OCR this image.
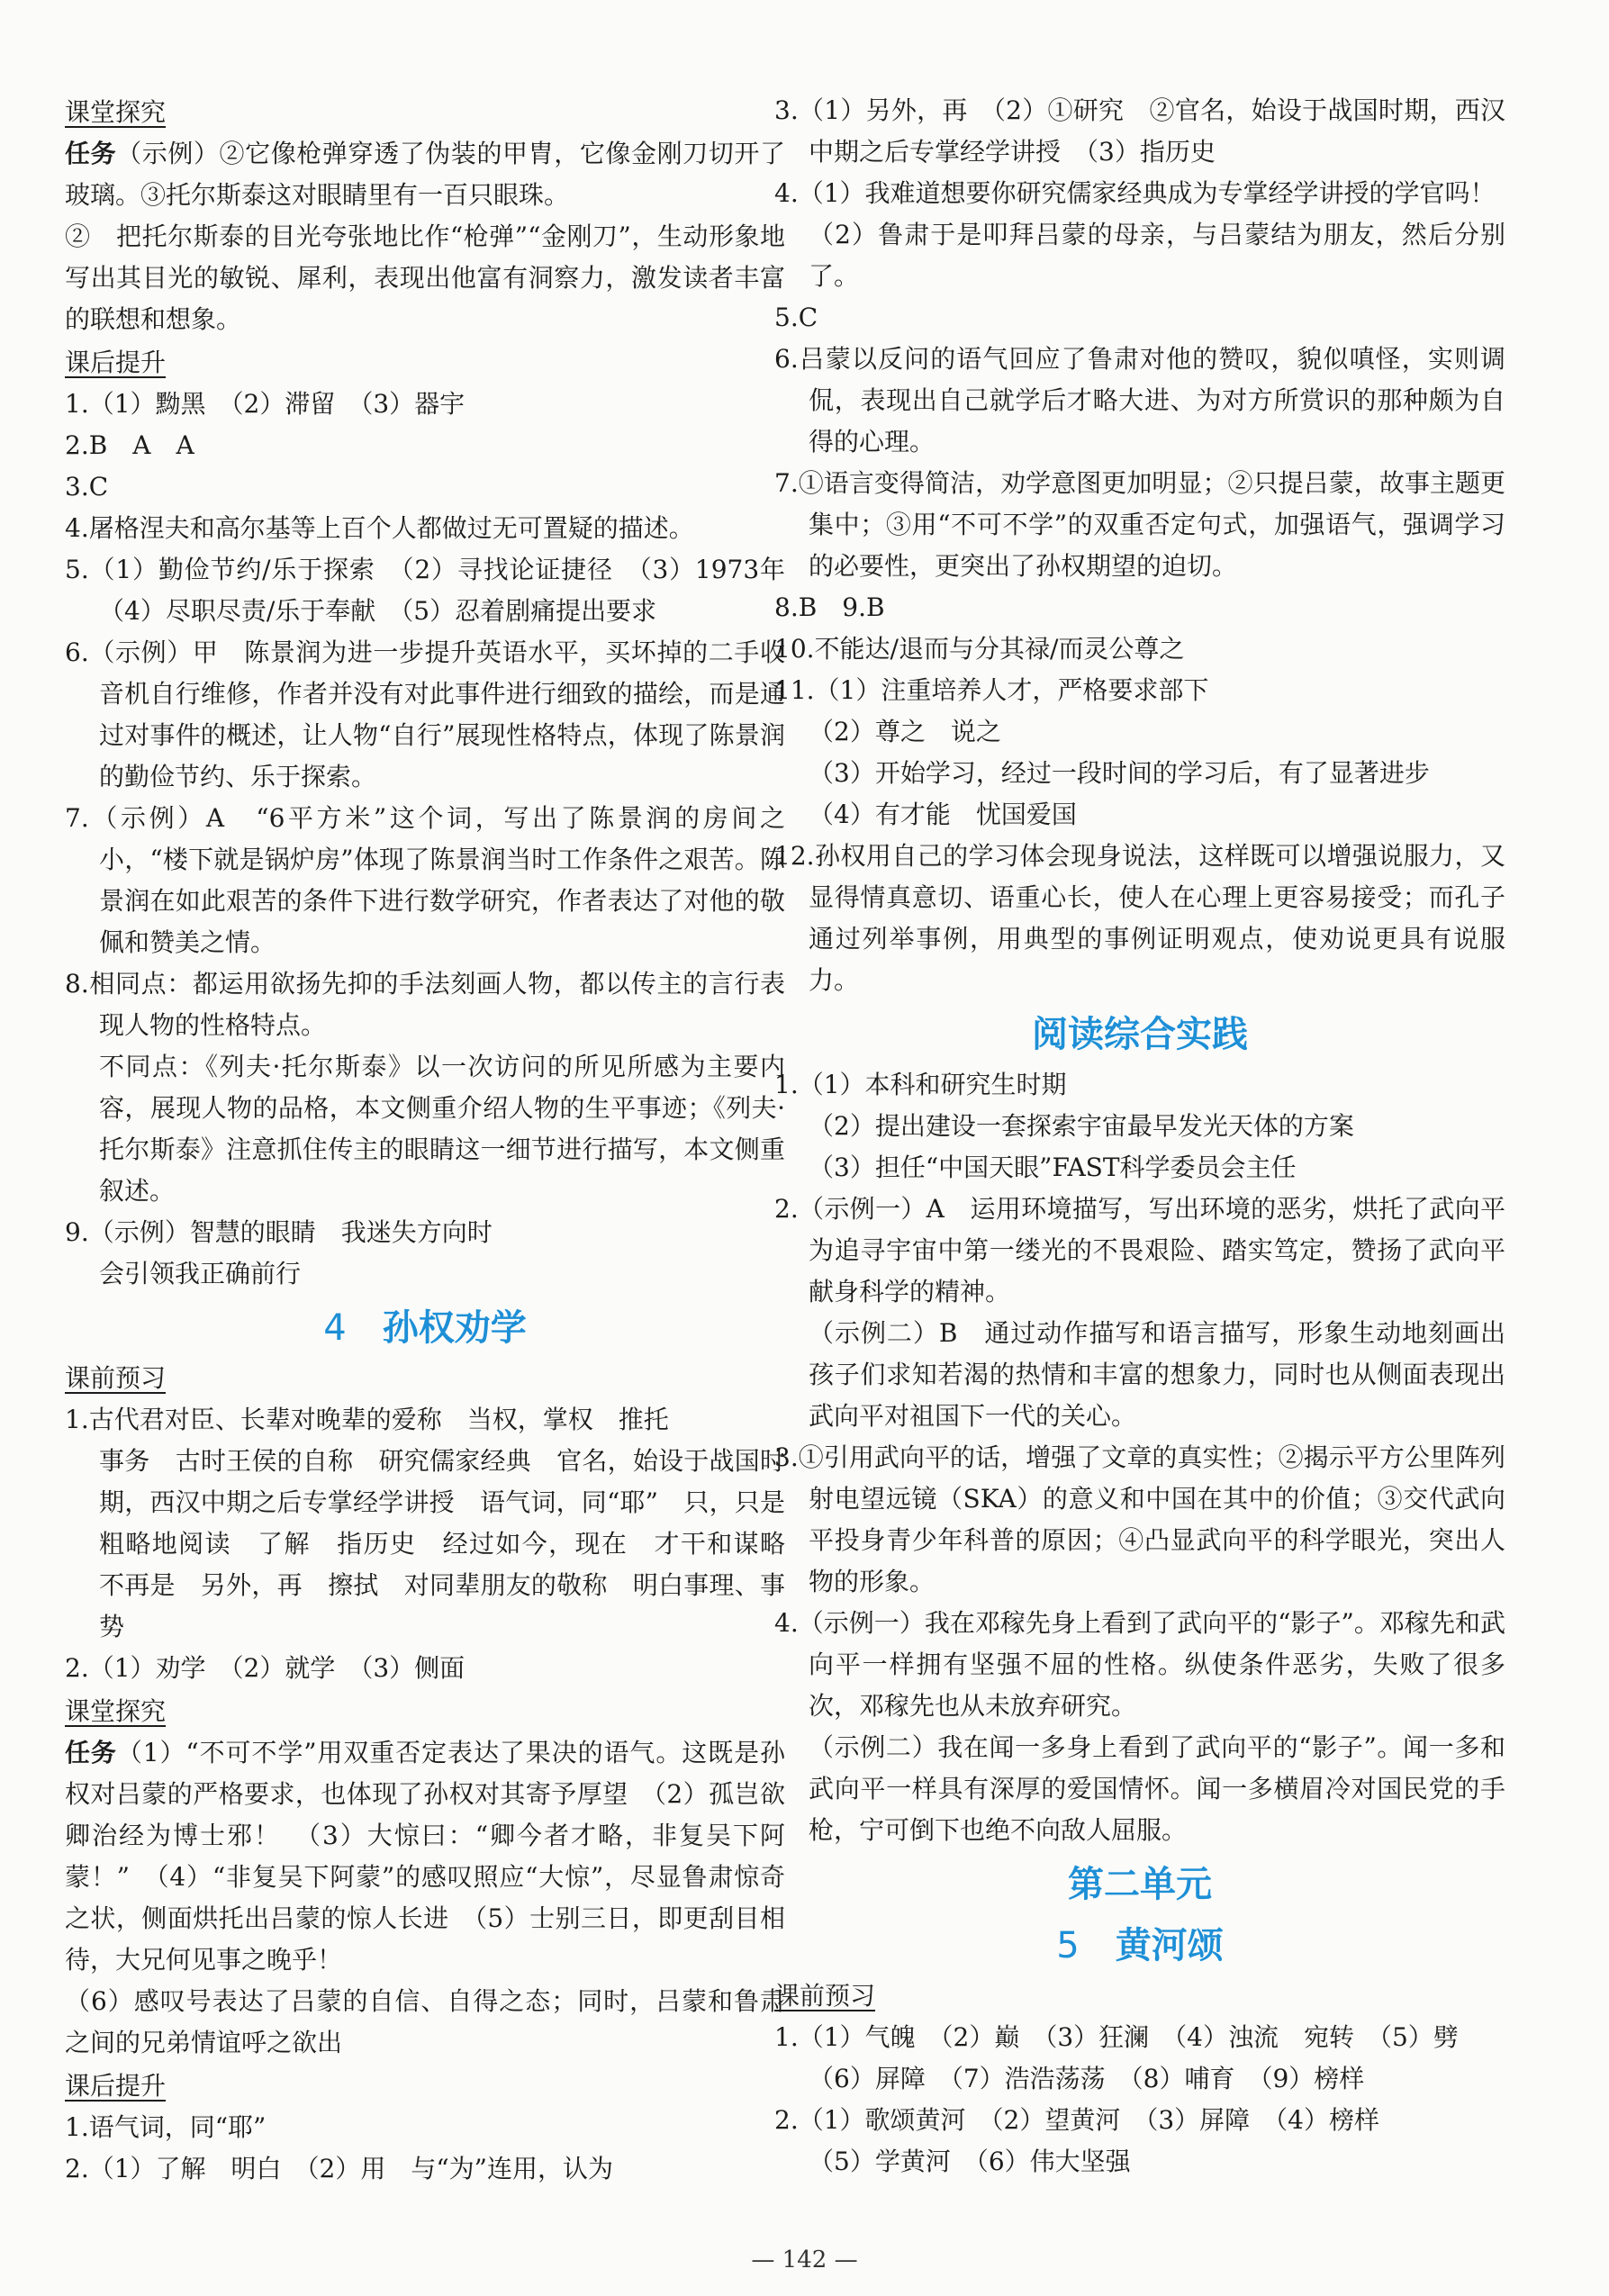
课堂探究

任务（示例）②它像枪弹穿透了伪装的甲胄，它像金刚刀切开了玻璃。③托尔斯泰这对眼睛里有一百只眼珠。

②　把托尔斯泰的目光夸张地比作“枪弹”“金刚刀”，生动形象地写出其目光的敏锐、犀利，表现出他富有洞察力，激发读者丰富的联想和想象。

课后提升

1.（1）黝黑　（2）滞留　（3）器宇

2.B　A　A

3.C

4.屠格涅夫和高尔基等上百个人都做过无可置疑的描述。

5.（1）勤俭节约/乐于探索　（2）寻找论证捷径　（3）1973年　（4）尽职尽责/乐于奉献　（5）忍着剧痛提出要求

6.（示例）甲　陈景润为进一步提升英语水平，买坏掉的二手收音机自行维修，作者并没有对此事件进行细致的描绘，而是通过对事件的概述，让人物“自行”展现性格特点，体现了陈景润的勤俭节约、乐于探索。

7.（示例）A　“6平方米”这个词，写出了陈景润的房间之小，“楼下就是锅炉房”体现了陈景润当时工作条件之艰苦。陈景润在如此艰苦的条件下进行数学研究，作者表达了对他的敬佩和赞美之情。

8.相同点：都运用欲扬先抑的手法刻画人物，都以传主的言行表现人物的性格特点。

不同点：《列夫·托尔斯泰》以一次访问的所见所感为主要内容，展现人物的品格，本文侧重介绍人物的生平事迹；《列夫·托尔斯泰》注意抓住传主的眼睛这一细节进行描写，本文侧重叙述。

9.（示例）智慧的眼睛　我迷失方向时

会引领我正确前行

4 孙权劝学
课前预习

1.古代君对臣、长辈对晚辈的爱称　当权，掌权　推托

事务　古时王侯的自称　研究儒家经典　官名，始设于战国时期，西汉中期之后专掌经学讲授　语气词，同“耶”　只，只是　粗略地阅读　了解　指历史　经过如今，现在　才干和谋略　不再是　另外，再　擦拭　对同辈朋友的敬称　明白事理、事势

2.（1）劝学　（2）就学　（3）侧面

课堂探究

任务（1）“不可不学”用双重否定表达了果决的语气。这既是孙权对吕蒙的严格要求，也体现了孙权对其寄予厚望　（2）孤岂欲卿治经为博士邪！　（3）大惊曰：“卿今者才略，非复吴下阿蒙！”　（4）“非复吴下阿蒙”的感叹照应“大惊”，尽显鲁肃惊奇之状，侧面烘托出吕蒙的惊人长进　（5）士别三日，即更刮目相待，大兄何见事之晚乎！

（6）感叹号表达了吕蒙的自信、自得之态；同时，吕蒙和鲁肃之间的兄弟情谊呼之欲出

课后提升

1.语气词，同“耶”

2.（1）了解　明白　（2）用　与“为”连用，认为

3.（1）另外，再　（2）①研究　②官名，始设于战国时期，西汉中期之后专掌经学讲授　（3）指历史

4.（1）我难道想要你研究儒家经典成为专掌经学讲授的学官吗！

（2）鲁肃于是叩拜吕蒙的母亲，与吕蒙结为朋友，然后分别了。

5.C

6.吕蒙以反问的语气回应了鲁肃对他的赞叹，貌似嗔怪，实则调侃，表现出自己就学后才略大进、为对方所赏识的那种颇为自得的心理。

7.①语言变得简洁，劝学意图更加明显；②只提吕蒙，故事主题更集中；③用“不可不学”的双重否定句式，加强语气，强调学习的必要性，更突出了孙权期望的迫切。

8.B　9.B

10.不能达/退而与分其禄/而灵公尊之

11.（1）注重培养人才，严格要求部下

（2）尊之　说之

（3）开始学习，经过一段时间的学习后，有了显著进步

（4）有才能　忧国爱国

12.孙权用自己的学习体会现身说法，这样既可以增强说服力，又显得情真意切、语重心长，使人在心理上更容易接受；而孔子通过列举事例，用典型的事例证明观点，使劝说更具有说服力。

阅读综合实践

1.（1）本科和研究生时期

（2）提出建设一套探索宇宙最早发光天体的方案

（3）担任“中国天眼”FAST科学委员会主任

2.（示例一）A　运用环境描写，写出环境的恶劣，烘托了武向平为追寻宇宙中第一缕光的不畏艰险、踏实笃定，赞扬了武向平献身科学的精神。

（示例二）B　通过动作描写和语言描写，形象生动地刻画出孩子们求知若渴的热情和丰富的想象力，同时也从侧面表现出武向平对祖国下一代的关心。

3.①引用武向平的话，增强了文章的真实性；②揭示平方公里阵列射电望远镜（SKA）的意义和中国在其中的价值；③交代武向平投身青少年科普的原因；④凸显武向平的科学眼光，突出人物的形象。

4.（示例一）我在邓稼先身上看到了武向平的“影子”。邓稼先和武向平一样拥有坚强不屈的性格。纵使条件恶劣，失败了很多次，邓稼先也从未放弃研究。

（示例二）我在闻一多身上看到了武向平的“影子”。闻一多和武向平一样具有深厚的爱国情怀。闻一多横眉冷对国民党的手枪，宁可倒下也绝不向敌人屈服。

第二单元
5 黄河颂
课前预习

1.（1）气魄　（2）巅　（3）狂澜　（4）浊流　宛转　（5）劈

（6）屏障　（7）浩浩荡荡　（8）哺育　（9）榜样

2.（1）歌颂黄河　（2）望黄河　（3）屏障　（4）榜样

（5）学黄河　（6）伟大坚强

— 142 —
